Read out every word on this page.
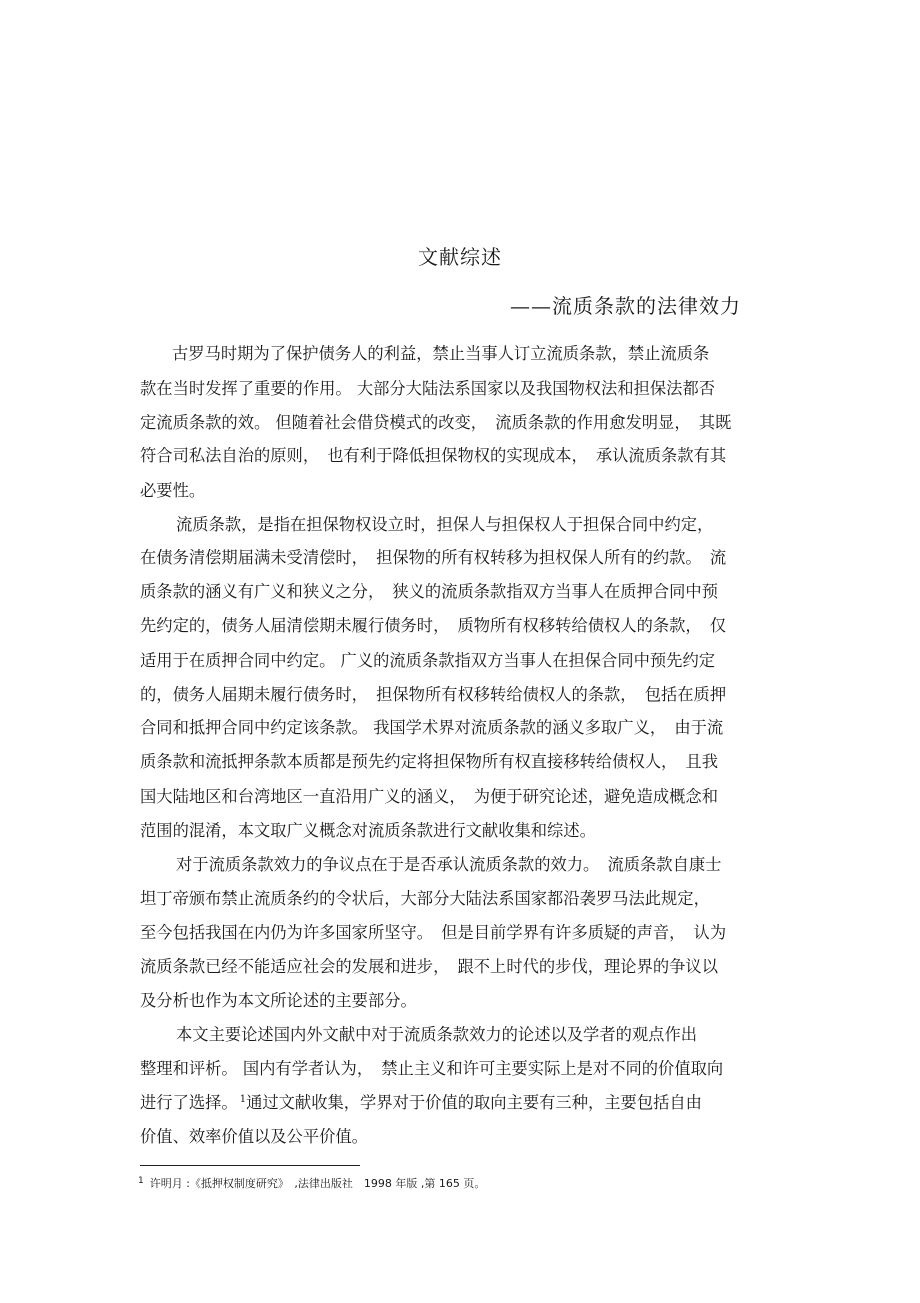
文献综述
——流质条款的法律效力
古罗马时期为了保护债务人的利益，禁止当事人订立流质条款，禁止流质条
款在当时发挥了重要的作用。 大部分大陆法系国家以及我国物权法和担保法都否
定流质条款的效。 但随着社会借贷模式的改变，　流质条款的作用愈发明显，　其既
符合司私法自治的原则，　也有利于降低担保物权的实现成本，　承认流质条款有其
必要性。
流质条款，是指在担保物权设立时，担保人与担保权人于担保合同中约定，
在债务清偿期届满未受清偿时，　担保物的所有权转移为担权保人所有的约款。　流
质条款的涵义有广义和狭义之分，　狭义的流质条款指双方当事人在质押合同中预
先约定的，债务人届清偿期未履行债务时，　质物所有权移转给债权人的条款，　仅
适用于在质押合同中约定。 广义的流质条款指双方当事人在担保合同中预先约定
的，债务人届期未履行债务时，　担保物所有权移转给债权人的条款，　包括在质押
合同和抵押合同中约定该条款。 我国学术界对流质条款的涵义多取广义，　由于流
质条款和流抵押条款本质都是预先约定将担保物所有权直接移转给债权人，　且我
国大陆地区和台湾地区一直沿用广义的涵义，　为便于研究论述，避免造成概念和
范围的混淆，本文取广义概念对流质条款进行文献收集和综述。
对于流质条款效力的争议点在于是否承认流质条款的效力。　流质条款自康士
坦丁帝颁布禁止流质条约的令状后，大部分大陆法系国家都沿袭罗马法此规定，
至今包括我国在内仍为许多国家所坚守。　但是目前学界有许多质疑的声音，　认为
流质条款已经不能适应社会的发展和进步，　跟不上时代的步伐，理论界的争议以
及分析也作为本文所论述的主要部分。
本文主要论述国内外文献中对于流质条款效力的论述以及学者的观点作出
整理和评析。 国内有学者认为，　禁止主义和许可主要实际上是对不同的价值取向
进行了选择。 $^1$通过文献收集，学界对于价值的取向主要有三种，主要包括自由
价值、效率价值以及公平价值。
$^1$ 许明月 :《抵押权制度研究》　,法律出版社　1998 年版 ,第 165 页。
